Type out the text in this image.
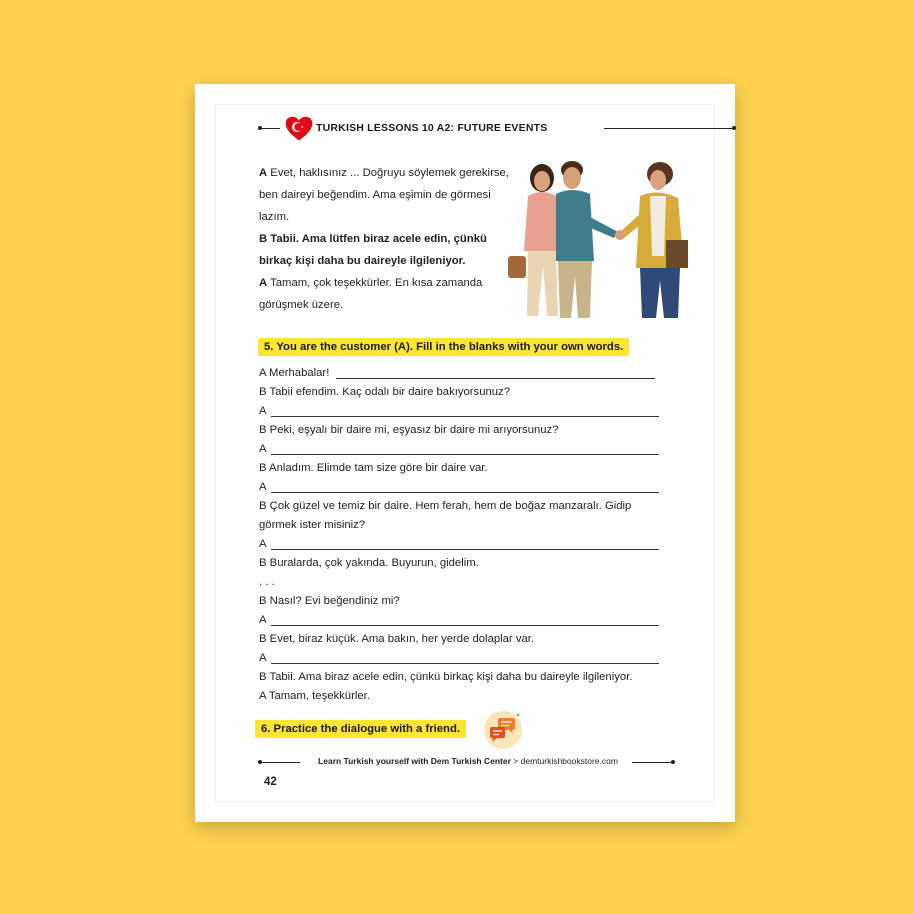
TURKISH LESSONS 10 A2: FUTURE EVENTS

A Evet, haklısınız ... Doğruyu söylemek gerekirse, ben daireyi beğendim. Ama eşimin de görmesi lazım.

B Tabii. Ama lütfen biraz acele edin, çünkü birkaç kişi daha bu daireyle ilgileniyor.

A Tamam, çok teşekkürler. En kısa zamanda görüşmek üzere.

5. You are the customer (A). Fill in the blanks with your own words.
A Merhabalar!
B Tabii efendim. Kaç odalı bir daire bakıyorsunuz?
A
B Peki, eşyalı bir daire mi, eşyasız bir daire mi arıyorsunuz?
A
B Anladım. Elimde tam size göre bir daire var.
A
B Çok güzel ve temiz bir daire. Hem ferah, hem de boğaz manzaralı. Gidip görmek ister misiniz?
A
B Buralarda, çok yakında. Buyurun, gidelim.
. . .
B Nasıl? Evi beğendiniz mi?
A
B Evet, biraz küçük. Ama bakın, her yerde dolaplar var.
A
B Tabii. Ama biraz acele edin, çünkü birkaç kişi daha bu daireyle ilgileniyor.
A Tamam, teşekkürler.
6. Practice the dialogue with a friend.
Learn Turkish yourself with Dem Turkish Center > demturkishbookstore.com
42
